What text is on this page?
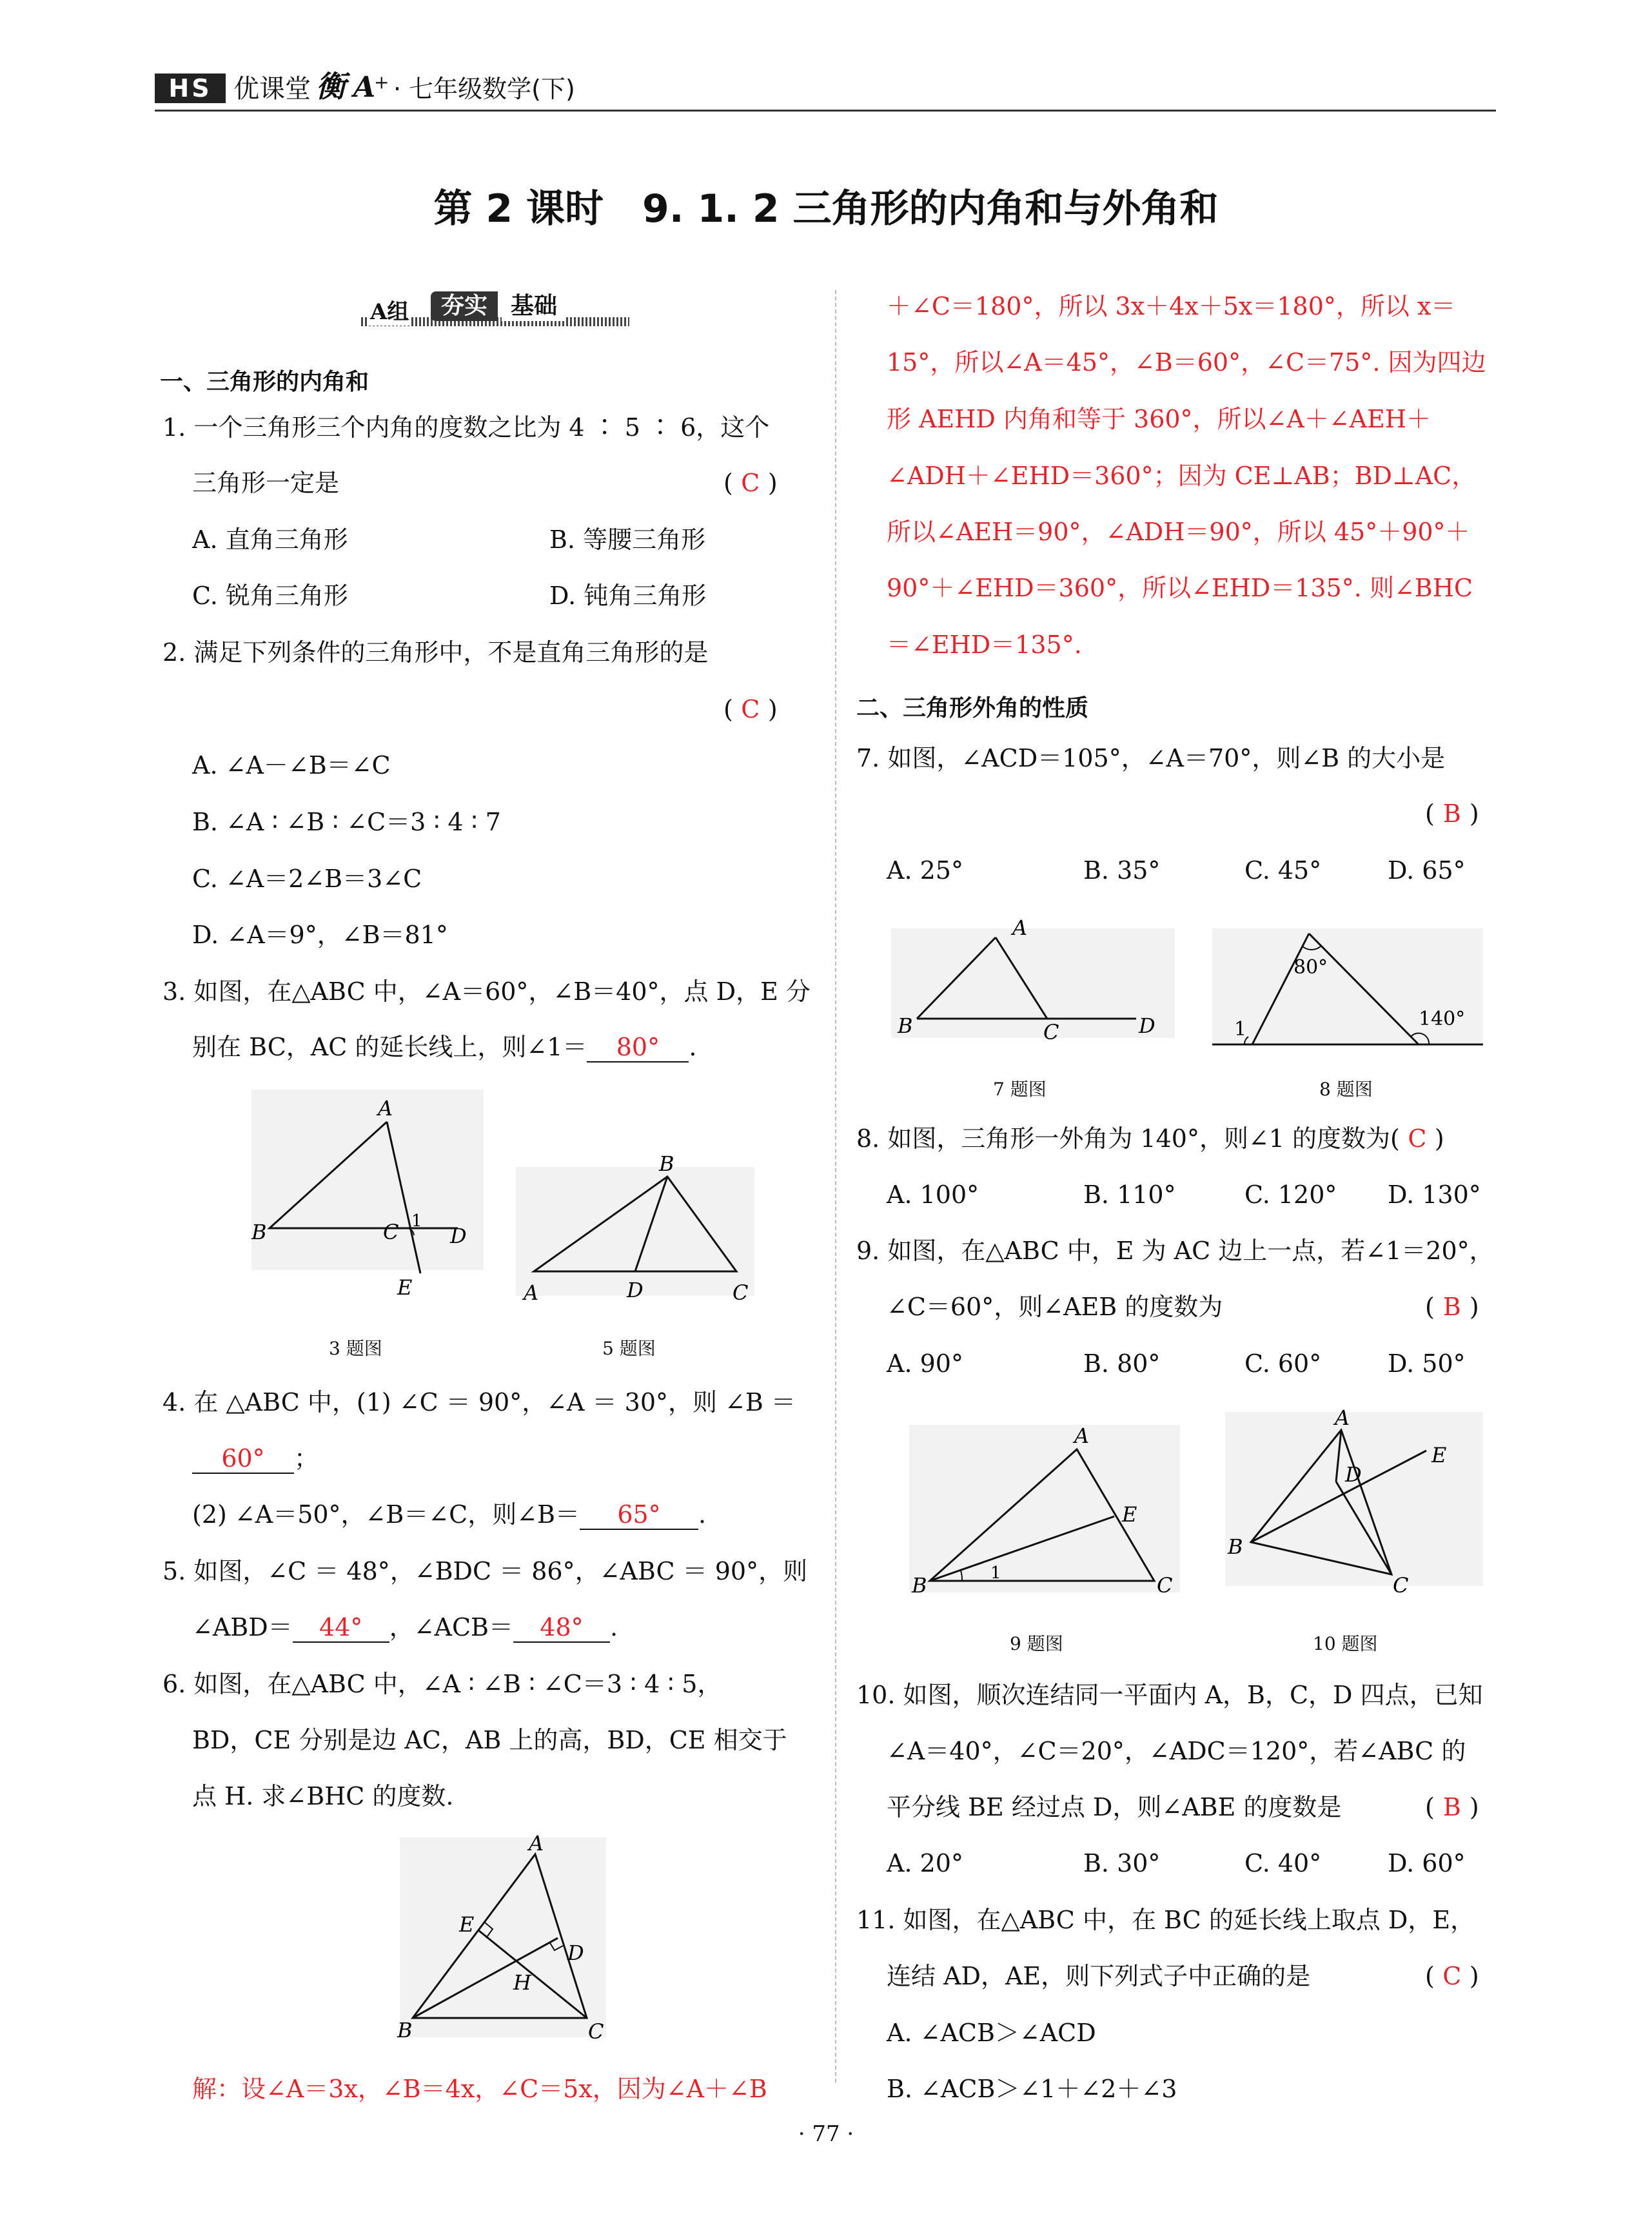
HS 优课堂 衡 A
+ · 七年级数学(下)
第 2 课时　9. 1. 2 三角形的内角和与外角和
A组	夯实 基础
一、三角形的内角和
1. 一个三角形三个内角的度数之比为 4 ∶ 5 ∶ 6，这个
三角形一定是	( C )
A. 直角三角形	B. 等腰三角形
C. 锐角三角形	D. 钝角三角形
2. 满足下列条件的三角形中，不是直角三角形的是
( C )
A. ∠A－∠B＝∠C
B. ∠A ∶ ∠B ∶ ∠C＝3 ∶ 4 ∶ 7
C. ∠A＝2∠B＝3∠C
D. ∠A＝9°，∠B＝81°
3. 如图，在△ABC 中，∠A＝60°，∠B＝40°，点 D，E 分
别在 BC，AC 的延长线上，则∠1＝ 80° .
A
B	C 1
D
E
3 题图
B
A	D	C
5 题图
4. 在 △ABC 中，(1) ∠C ＝ 90°，∠A ＝ 30°，则 ∠B ＝
60° ；
(2) ∠A＝50°，∠B＝∠C，则∠B＝ 65° .
5. 如图，∠C ＝ 48°，∠BDC ＝ 86°，∠ABC ＝ 90°，则
∠ABD＝ 44° ，∠ACB＝ 48° .
6. 如图，在△ABC 中，∠A ∶ ∠B ∶ ∠C＝3 ∶ 4 ∶ 5，
BD，CE 分别是边 AC，AB 上的高，BD，CE 相交于
点 H. 求∠BHC 的度数.
A
E
D
H
B	C
解：设∠A＝3x，∠B＝4x，∠C＝5x，因为∠A＋∠B
＋∠C＝180°，所以 3x＋4x＋5x＝180°，所以 x＝
15°，所以∠A＝45°，∠B＝60°，∠C＝75°. 因为四边
形 AEHD 内角和等于 360°，所以∠A＋∠AEH＋
∠ADH＋∠EHD＝360°；因为 CE⊥AB；BD⊥AC，
所以∠AEH＝90°，∠ADH＝90°，所以 45°＋90°＋
90°＋∠EHD＝360°，所以∠EHD＝135°. 则∠BHC
＝∠EHD＝135°.
二、三角形外角的性质
7. 如图，∠ACD＝105°，∠A＝70°，则∠B 的大小是
( B )
A. 25°	B. 35°	C. 45°	D. 65°
A
B	C	D
7 题图
80°
1	140°
8 题图
8. 如图，三角形一外角为 140°，则∠1 的度数为( C )
A. 100°	B. 110°	C. 120° D. 130°
9. 如图，在△ABC 中，E 为 AC 边上一点，若∠1＝20°，
∠C＝60°，则∠AEB 的度数为	( B )
A. 90°	B. 80°	C. 60°	D. 50°
A
E
B	1	C
9 题图
A
D
E
B
C
10 题图
10. 如图，顺次连结同一平面内 A，B，C，D 四点，已知
∠A＝40°，∠C＝20°，∠ADC＝120°，若∠ABC 的
平分线 BE 经过点 D，则∠ABE 的度数是	( B )
A. 20°	B. 30°	C. 40°	D. 60°
11. 如图，在△ABC 中，在 BC 的延长线上取点 D，E，
连结 AD，AE，则下列式子中正确的是	( C )
A. ∠ACB＞∠ACD
B. ∠ACB＞∠1＋∠2＋∠3
· 77 ·
